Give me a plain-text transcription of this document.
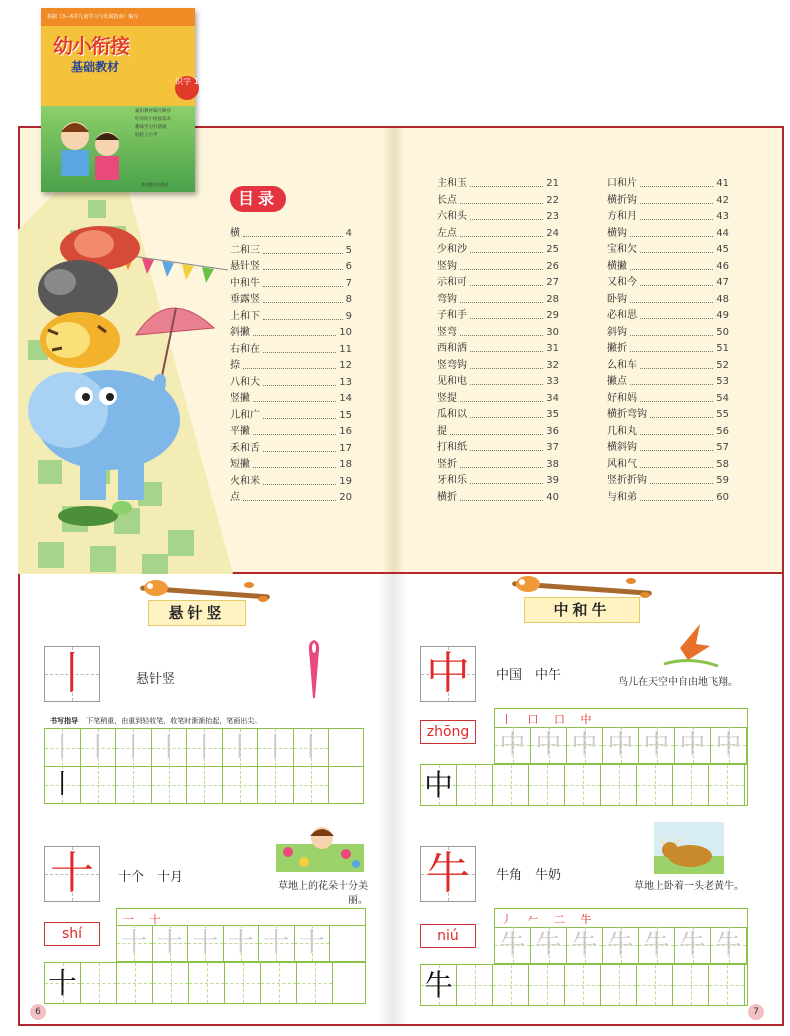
根据《3—6岁儿童学习与发展指南》编写
幼小衔接
基础教材
识字 1
紧扣教材编写顺序
针对幼小衔接需求
趣味学习打基础
轻松上小学
华语教学出版社
目录
横	4
二和三	5
悬针竖	6
中和牛	7
垂露竖	8
上和下	9
斜撇	10
右和在	11
捺	12
八和大	13
竖撇	14
儿和广	15
平撇	16
禾和舌	17
短撇	18
火和米	19
点	20
主和玉	21
长点	22
六和头	23
左点	24
少和沙	25
竖钩	26
示和可	27
弯钩	28
子和手	29
竖弯	30
西和洒	31
竖弯钩	32
见和电	33
竖提	34
瓜和以	35
提	36
打和纸	37
竖折	38
牙和乐	39
横折	40
口和片	41
横折钩	42
方和月	43
横钩	44
宝和欠	45
横撇	46
又和今	47
卧钩	48
必和思	49
斜钩	50
撇折	51
么和车	52
撇点	53
好和妈	54
横折弯钩	55
几和丸	56
横斜钩	57
风和气	58
竖折折钩	59
与和弟	60
悬针竖	中和牛
丨	悬针竖
书写指导 下笔稍重，由重到轻收笔，收笔时渐渐抬起，笔画出尖。
丨 丨 丨 丨 丨 丨 丨 丨
丨
十	十个　十月
草地上的花朵十分美丽。
shí
一 十
十 十 十 十 十 十
十
中	中国　中午	鸟儿在天空中自由地飞翔。
zhōng
丨 口 口 中
中 中 中 中 中 中 中
中
牛	牛角　牛奶
草地上卧着一头老黄牛。
niú
丿 𠂉 二 牛
牛 牛 牛 牛 牛 牛 牛
牛
6	7
